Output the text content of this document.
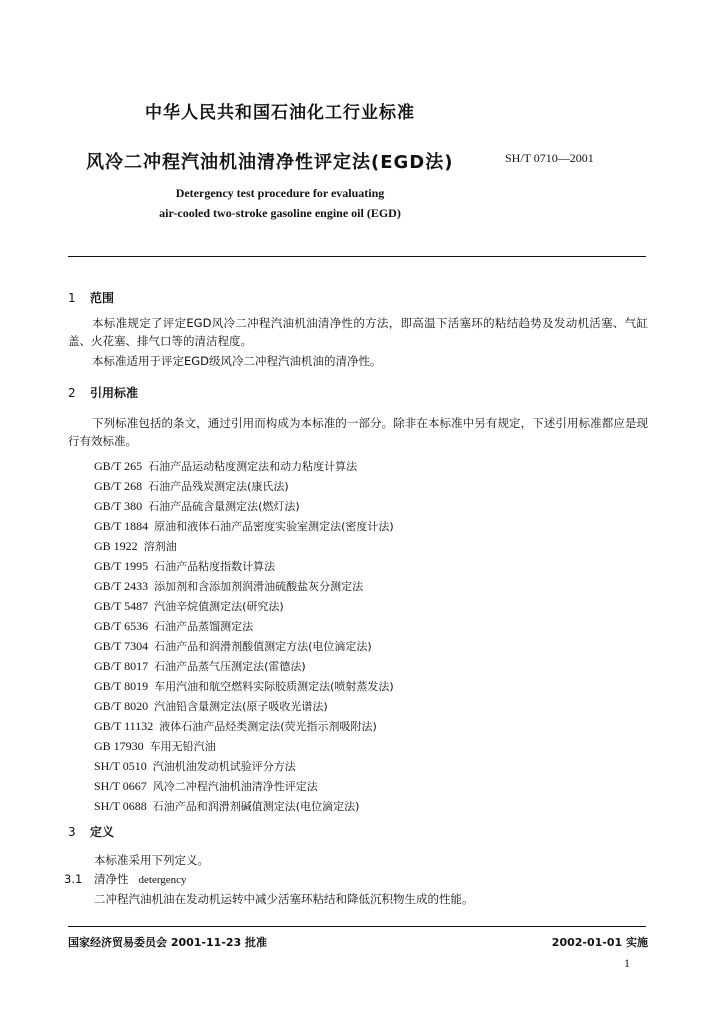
中华人民共和国石油化工行业标准

风冷二冲程汽油机油清净性评定法(EGD法)	SH/T 0710—2001

Detergency test procedure for evaluating

air-cooled two-stroke gasoline engine oil (EGD)

1 范围

本标准规定了评定EGD风冷二冲程汽油机油清净性的方法，即高温下活塞环的粘结趋势及发动机活塞、气缸盖、火花塞、排气口等的清洁程度。

本标准适用于评定EGD级风冷二冲程汽油机油的清净性。

2 引用标准

下列标准包括的条文，通过引用而构成为本标准的一部分。除非在本标准中另有规定，下述引用标准都应是现行有效标准。

GB/T 265 石油产品运动粘度测定法和动力粘度计算法
GB/T 268 石油产品残炭测定法(康氏法)
GB/T 380 石油产品硫含量测定法(燃灯法)
GB/T 1884 原油和液体石油产品密度实验室测定法(密度计法)
GB 1922 溶剂油
GB/T 1995 石油产品粘度指数计算法
GB/T 2433 添加剂和含添加剂润滑油硫酸盐灰分测定法
GB/T 5487 汽油辛烷值测定法(研究法)
GB/T 6536 石油产品蒸馏测定法
GB/T 7304 石油产品和润滑剂酸值测定方法(电位滴定法)
GB/T 8017 石油产品蒸气压测定法(雷德法)
GB/T 8019 车用汽油和航空燃料实际胶质测定法(喷射蒸发法)
GB/T 8020 汽油铅含量测定法(原子吸收光谱法)
GB/T 11132 液体石油产品烃类测定法(荧光指示剂吸附法)
GB 17930 车用无铅汽油
SH/T 0510 汽油机油发动机试验评分方法
SH/T 0667 风冷二冲程汽油机油清净性评定法
SH/T 0688 石油产品和润滑剂碱值测定法(电位滴定法)

3 定义

本标准采用下列定义。

3.1 清净性 detergency

二冲程汽油机油在发动机运转中减少活塞环粘结和降低沉积物生成的性能。

国家经济贸易委员会 2001-11-23 批准	2002-01-01 实施

1
